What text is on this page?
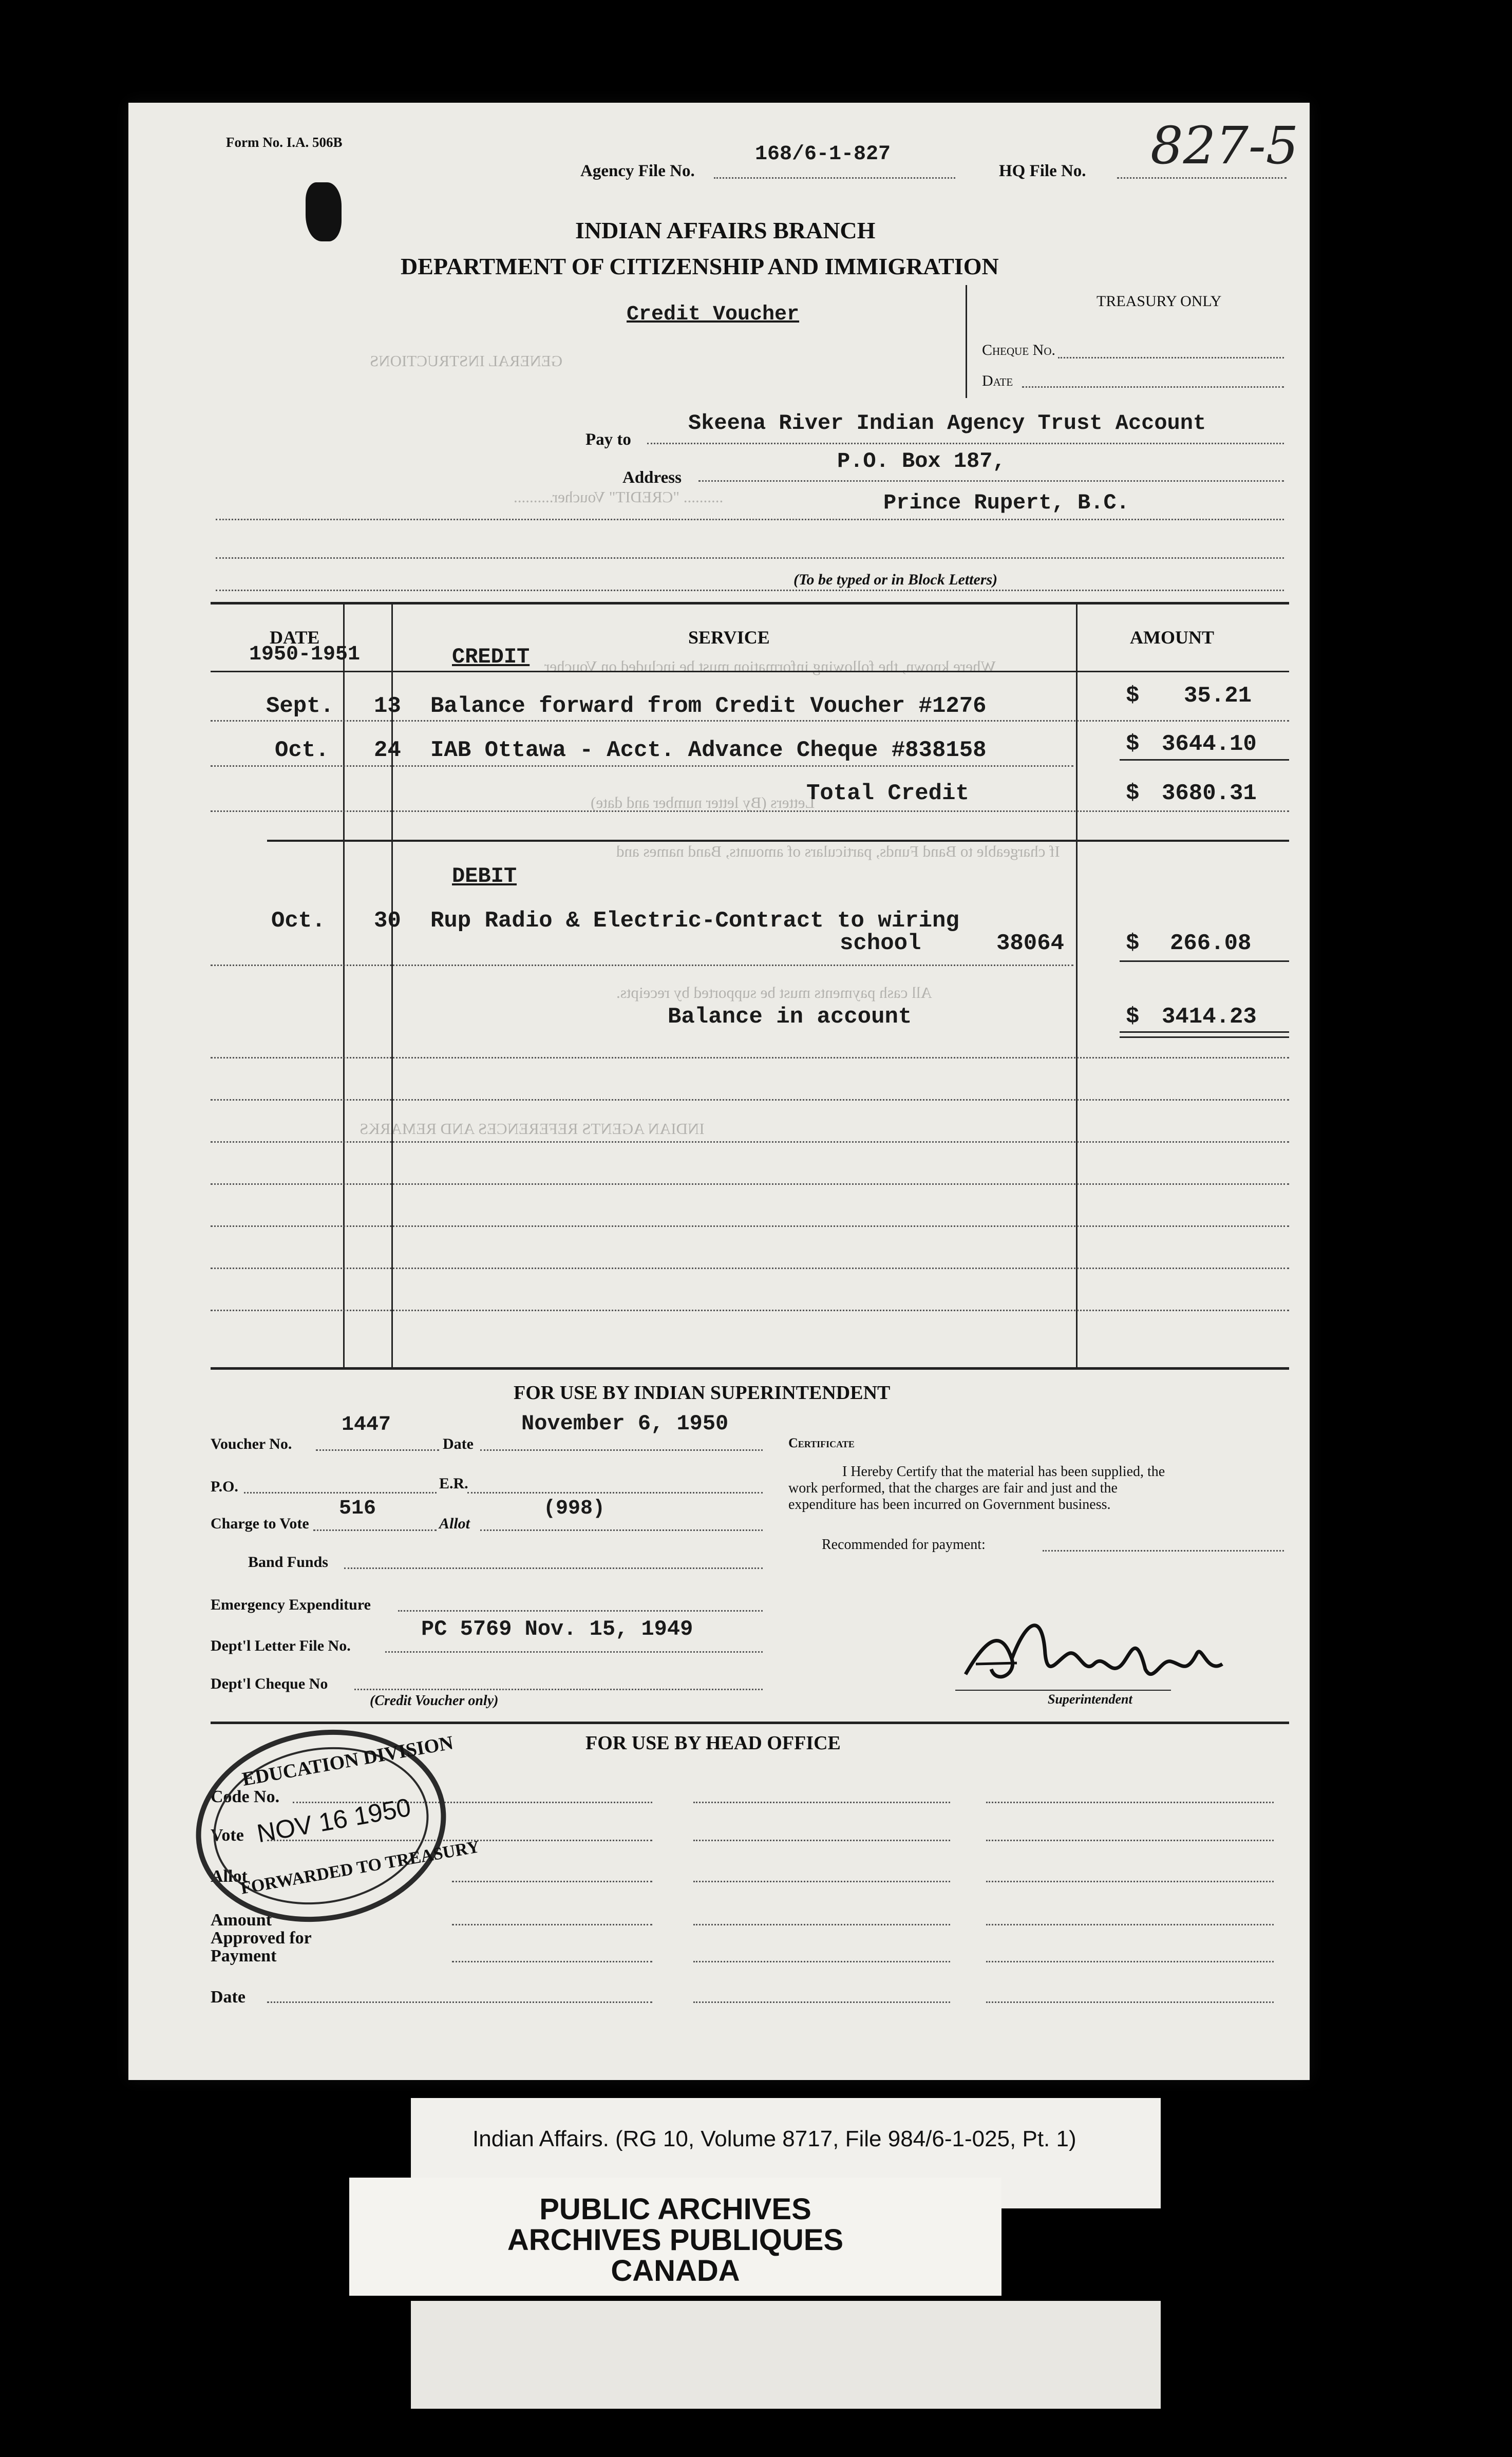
GENERAL INSTRUCTIONS
.......... "CREDIT" Voucher..........
Where known, the following information must be included on Voucher
Letters (By letter number and date)
If chargeable to Band Funds, particulars of amounts, Band names and
All cash payments must be supported by receipts.
INDIAN AGENTS REFERENCES AND REMARKS
Form No. I.A. 506B
Agency File No.
168/6-1-827
HQ File No. 827-5
INDIAN AFFAIRS BRANCH
DEPARTMENT OF CITIZENSHIP AND IMMIGRATION
Credit Voucher
TREASURY ONLY
Cheque No.
Date
Pay to
Skeena River Indian Agency Trust Account
Address
P.O. Box 187,
Prince Rupert, B.C.
(To be typed or in Block Letters)
DATE
1950-1951
SERVICE	AMOUNT
CREDIT
Sept. 13 Balance forward from Credit Voucher #1276	$ 35.21
Oct. 24 IAB Ottawa - Acct. Advance Cheque #838158	$ 3644.10
Total Credit	$ 3680.31
DEBIT
Oct. 30 Rup Radio & Electric-Contract to wiring
school	38064	$ 266.08
Balance in account	$ 3414.23
FOR USE BY INDIAN SUPERINTENDENT
Voucher No.
1447
Date
November 6, 1950
P.O.	E.R.
Charge to Vote
516
Allot
(998)
Band Funds
Emergency Expenditure
Dept'l Letter File No.
PC 5769 Nov. 15, 1949
Dept'l Cheque No
(Credit Voucher only)
Certificate
I Hereby Certify that the material has been supplied, the
work performed, that the charges are fair and just and the
expenditure has been incurred on Government business.
Recommended for payment:
Superintendent
FOR USE BY HEAD OFFICE
Code No.
Vote
Allot
Amount
Approved for
Payment
Date
EDUCATION DIVISION
NOV 16 1950
FORWARDED TO TREASURY
Indian Affairs. (RG 10, Volume 8717, File 984/6-1-025, Pt. 1)
PUBLIC ARCHIVES
ARCHIVES PUBLIQUES
CANADA
